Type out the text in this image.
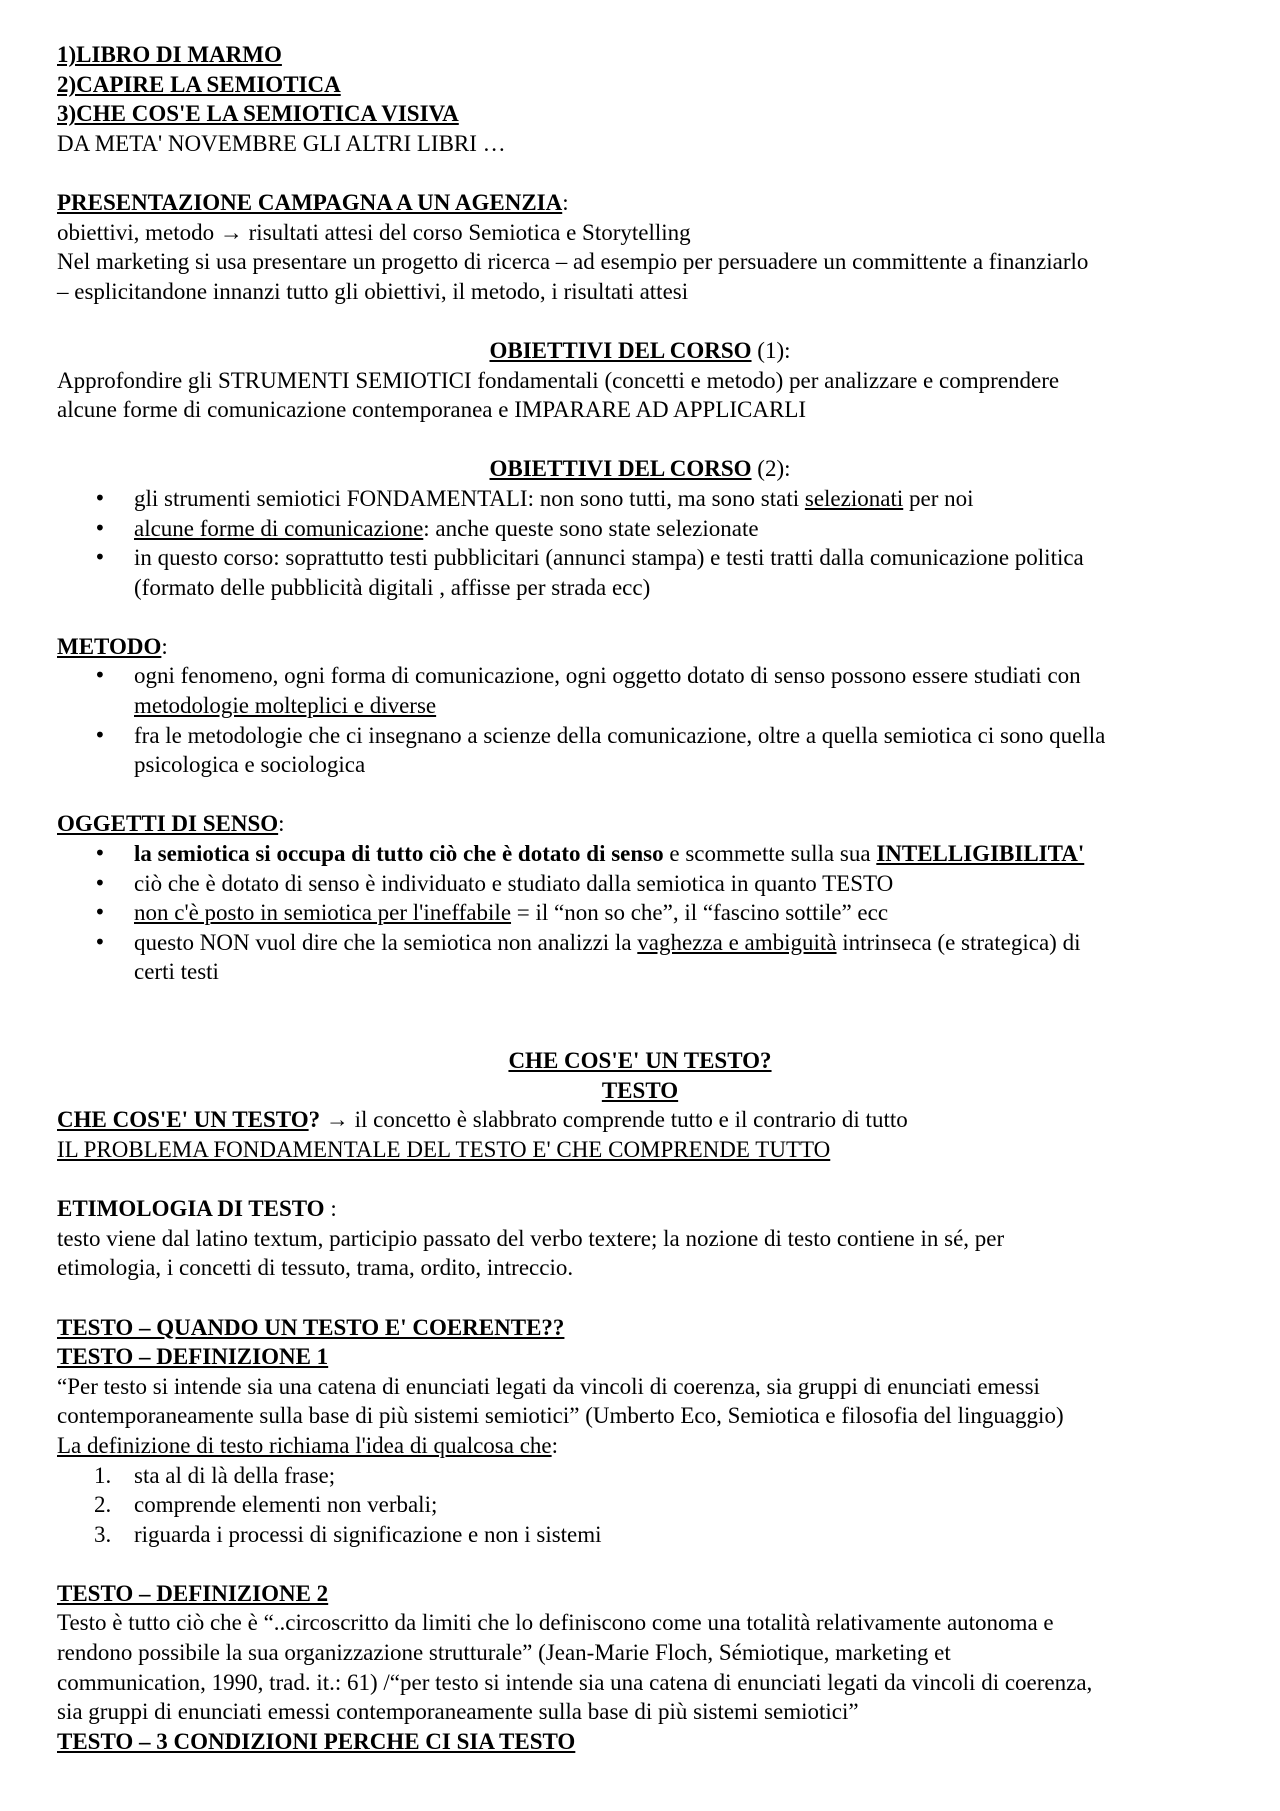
1)LIBRO DI MARMO
2)CAPIRE LA SEMIOTICA
3)CHE COS'E LA SEMIOTICA VISIVA
DA META' NOVEMBRE GLI ALTRI LIBRI …
PRESENTAZIONE CAMPAGNA A UN AGENZIA:
obiettivi, metodo → risultati attesi del corso Semiotica e Storytelling
Nel marketing si usa presentare un progetto di ricerca – ad esempio per persuadere un committente a finanziarlo
– esplicitandone innanzi tutto gli obiettivi, il metodo, i risultati attesi
OBIETTIVI DEL CORSO (1):
Approfondire gli STRUMENTI SEMIOTICI fondamentali (concetti e metodo) per analizzare e comprendere
alcune forme di comunicazione contemporanea e IMPARARE AD APPLICARLI
OBIETTIVI DEL CORSO (2):
• gli strumenti semiotici FONDAMENTALI: non sono tutti, ma sono stati selezionati per noi
• alcune forme di comunicazione: anche queste sono state selezionate
• in questo corso: soprattutto testi pubblicitari (annunci stampa) e testi tratti dalla comunicazione politica
(formato delle pubblicità digitali , affisse per strada ecc)
METODO:
• ogni fenomeno, ogni forma di comunicazione, ogni oggetto dotato di senso possono essere studiati con
metodologie molteplici e diverse
• fra le metodologie che ci insegnano a scienze della comunicazione, oltre a quella semiotica ci sono quella
psicologica e sociologica
OGGETTI DI SENSO:
• la semiotica si occupa di tutto ciò che è dotato di senso e scommette sulla sua INTELLIGIBILITA'
• ciò che è dotato di senso è individuato e studiato dalla semiotica in quanto TESTO
• non c'è posto in semiotica per l'ineffabile = il “non so che”, il “fascino sottile” ecc
• questo NON vuol dire che la semiotica non analizzi la vaghezza e ambiguità intrinseca (e strategica) di
certi testi
CHE COS'E' UN TESTO?
TESTO
CHE COS'E' UN TESTO? → il concetto è slabbrato comprende tutto e il contrario di tutto
IL PROBLEMA FONDAMENTALE DEL TESTO E' CHE COMPRENDE TUTTO
ETIMOLOGIA DI TESTO :
testo viene dal latino textum, participio passato del verbo textere; la nozione di testo contiene in sé, per
etimologia, i concetti di tessuto, trama, ordito, intreccio.
TESTO – QUANDO UN TESTO E' COERENTE??
TESTO – DEFINIZIONE 1
“Per testo si intende sia una catena di enunciati legati da vincoli di coerenza, sia gruppi di enunciati emessi
contemporaneamente sulla base di più sistemi semiotici” (Umberto Eco, Semiotica e filosofia del linguaggio)
La definizione di testo richiama l'idea di qualcosa che:
1. sta al di là della frase;
2. comprende elementi non verbali;
3. riguarda i processi di significazione e non i sistemi
TESTO – DEFINIZIONE 2
Testo è tutto ciò che è “..circoscritto da limiti che lo definiscono come una totalità relativamente autonoma e
rendono possibile la sua organizzazione strutturale” (Jean-Marie Floch, Sémiotique, marketing et
communication, 1990, trad. it.: 61) /“per testo si intende sia una catena di enunciati legati da vincoli di coerenza,
sia gruppi di enunciati emessi contemporaneamente sulla base di più sistemi semiotici”
TESTO – 3 CONDIZIONI PERCHE CI SIA TESTO
